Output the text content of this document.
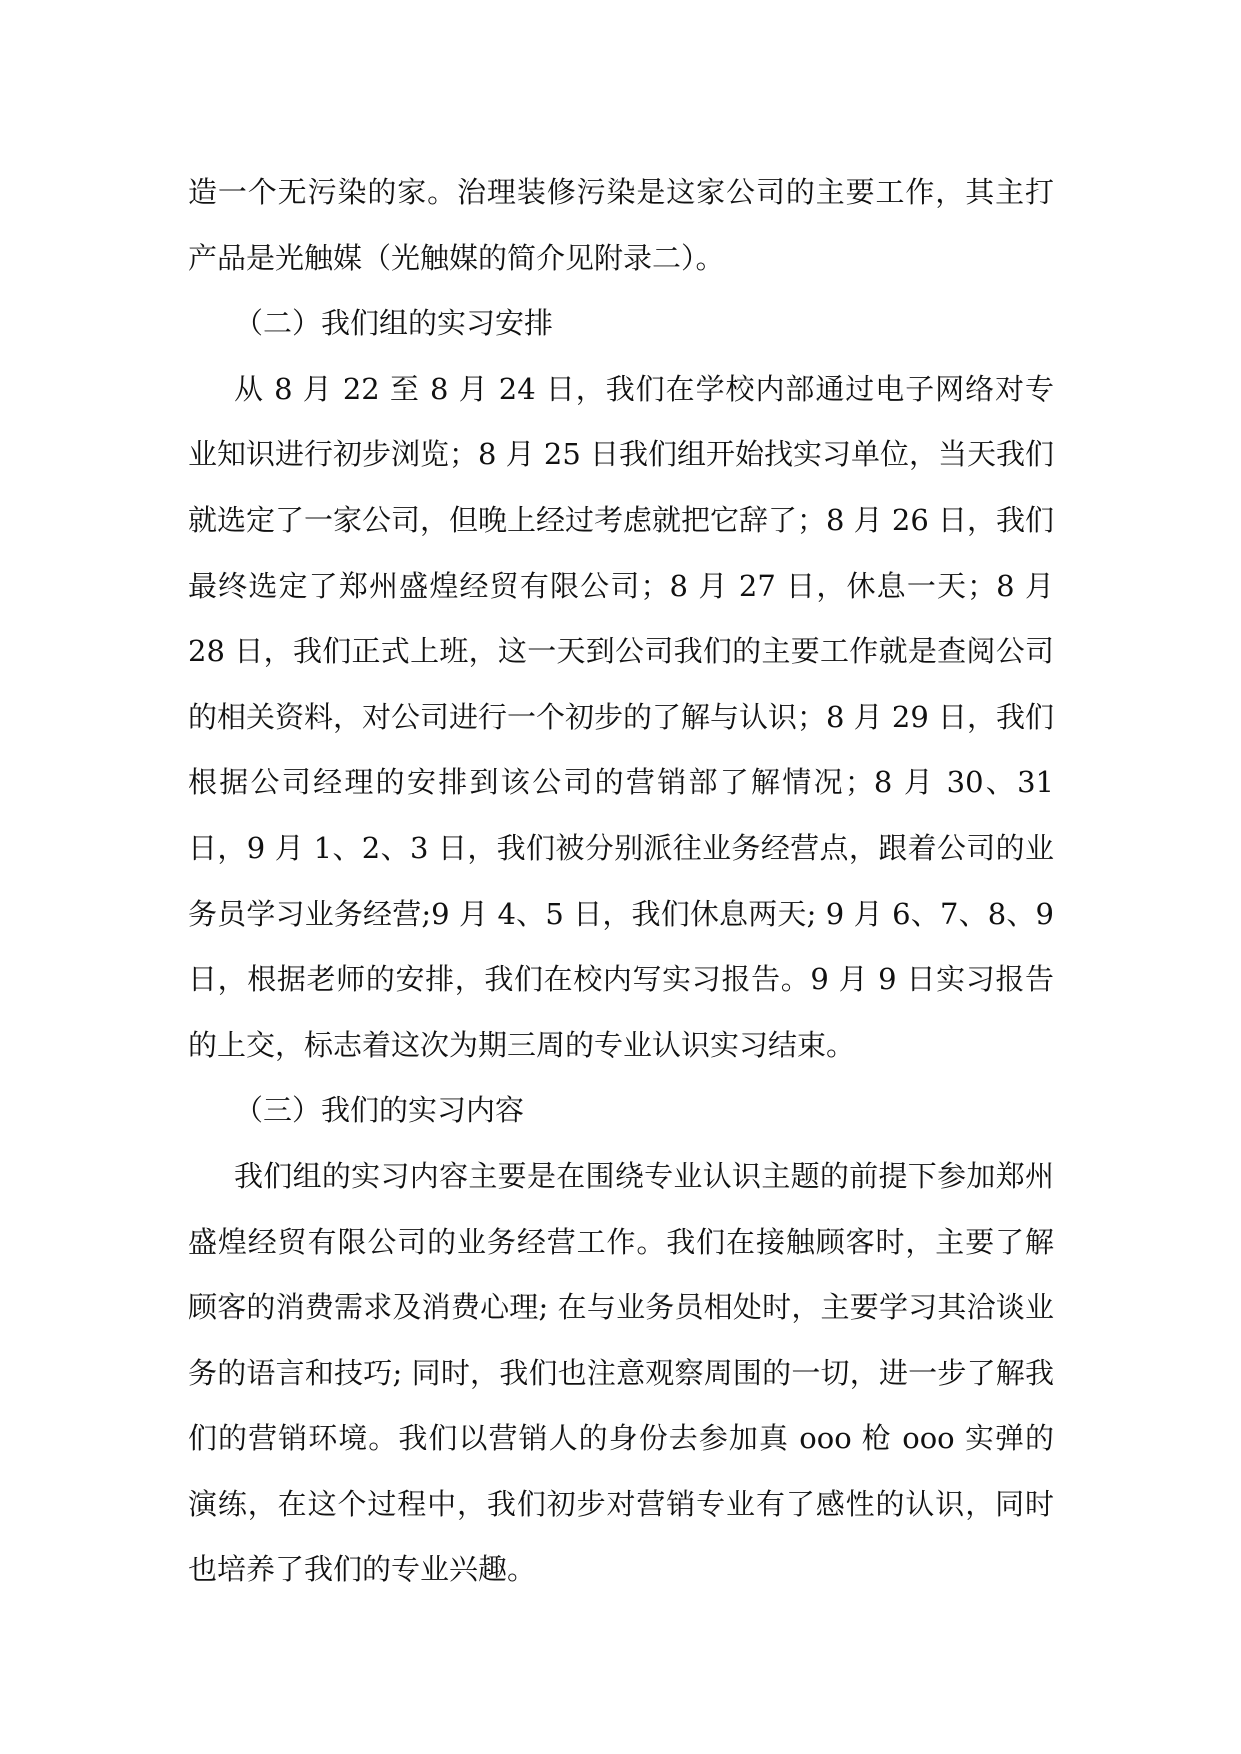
造一个无污染的家。治理装修污染是这家公司的主要工作，其主打产品是光触媒（光触媒的简介见附录二）。

（二）我们组的实习安排

从 8 月 22 至 8 月 24 日，我们在学校内部通过电子网络对专业知识进行初步浏览；8 月 25 日我们组开始找实习单位，当天我们就选定了一家公司，但晚上经过考虑就把它辞了；8 月 26 日，我们最终选定了郑州盛煌经贸有限公司；8 月 27 日，休息一天；8 月 28 日，我们正式上班，这一天到公司我们的主要工作就是查阅公司的相关资料，对公司进行一个初步的了解与认识；8 月 29 日，我们根据公司经理的安排到该公司的营销部了解情况；8 月 30、31 日，9 月 1、2、3 日，我们被分别派往业务经营点，跟着公司的业务员学习业务经营;9 月 4、5 日，我们休息两天; 9 月 6、7、8、9 日，根据老师的安排，我们在校内写实习报告。9 月 9 日实习报告的上交，标志着这次为期三周的专业认识实习结束。

（三）我们的实习内容

我们组的实习内容主要是在围绕专业认识主题的前提下参加郑州盛煌经贸有限公司的业务经营工作。我们在接触顾客时，主要了解顾客的消费需求及消费心理; 在与业务员相处时，主要学习其洽谈业务的语言和技巧; 同时，我们也注意观察周围的一切，进一步了解我们的营销环境。我们以营销人的身份去参加真 ooo 枪 ooo 实弹的演练，在这个过程中，我们初步对营销专业有了感性的认识，同时也培养了我们的专业兴趣。
